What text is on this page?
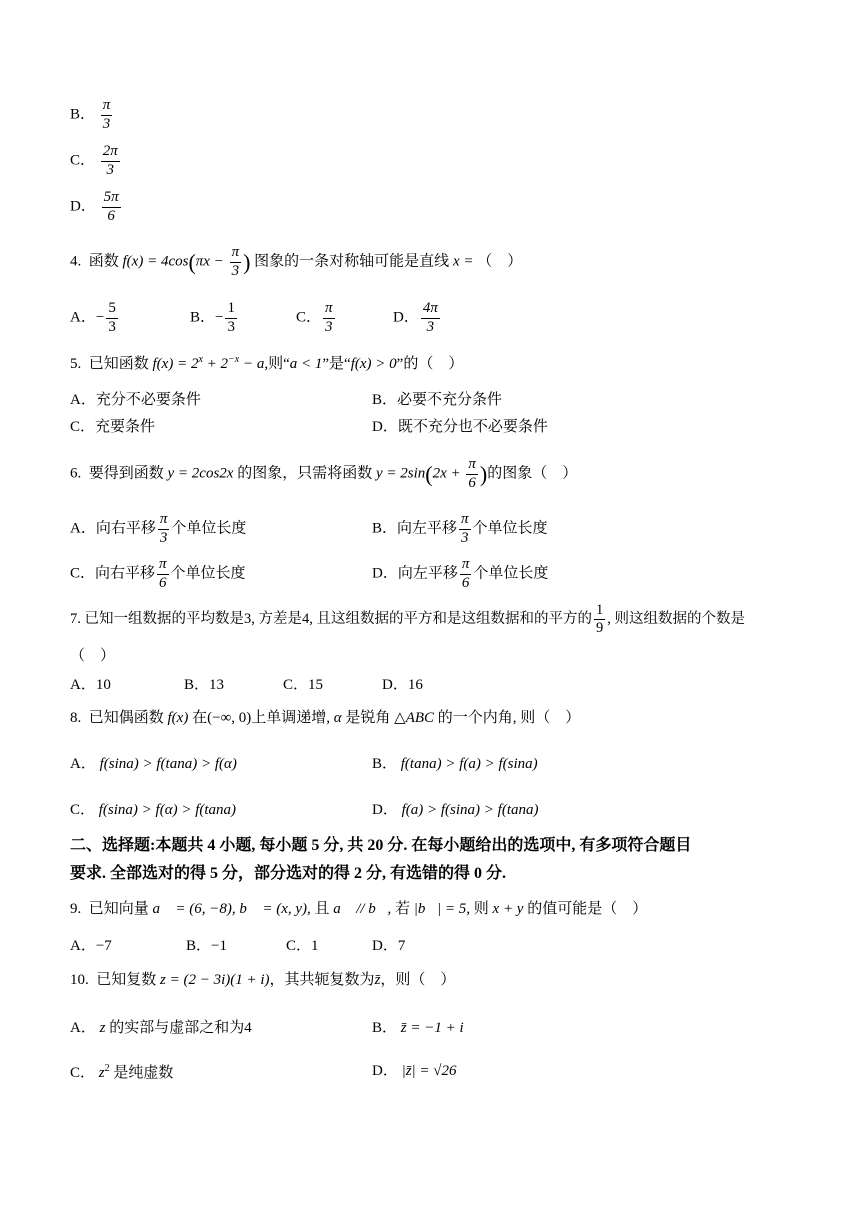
B． $\frac{\pi}{3}$
C． $\frac{2\pi}{3}$
D． $\frac{5\pi}{6}$
4. 函数 $f(x) = 4\cos(\pi x - \frac{\pi}{3}$ ) 图象的一条对称轴可能是直线 x = （　）
A．− $\frac{5}{3}$	B．− $\frac{1}{3}$	C． $\frac{\pi}{3}$	D． $\frac{4\pi}{3}$
5. 已知函数 $f(x) = 2^x + 2^{-x} - a$,则“a < 1”是“f(x) > 0”的（　）
A．充分不必要条件	B．必要不充分条件
C．充要条件	D．既不充分也不必要条件
6. 要得到函数 y = 2cos2x 的图象，只需将函数 $y = 2\sin(2x + \frac{\pi}{6}$ )的图象（　）
A．向右平移 $\frac{\pi}{3}$ 个单位长度	B．向左平移 $\frac{\pi}{3}$ 个单位长度
C．向右平移 $\frac{\pi}{6}$ 个单位长度	D．向左平移 $\frac{\pi}{6}$ 个单位长度
7. 已知一组数据的平均数是3, 方差是4, 且这组数据的平方和是这组数据和的平方的 $\frac{1}{9}$ , 则这组数据的个数是
（　）
A．10	B．13	C．15	D．16
8. 已知偶函数 f(x) 在(−∞, 0)上单调递增, α 是锐角 △ABC 的一个内角, 则（　）
A． f(sina) > f(tana) > f(α)	B． f(tana) > f(a) > f(sina)
C． f(sina) > f(α) > f(tana)	D． f(a) > f(sina) > f(tana)
二、选择题:本题共 4 小题, 每小题 5 分, 共 20 分. 在每小题给出的选项中, 有多项符合题目
要求. 全部选对的得 5 分，部分选对的得 2 分, 有选错的得 0 分.
9. 已知向量 a⃗ = (6, −8), b⃗ = (x, y), 且 a⃗ // b⃗, 若 |b⃗| = 5, 则 x + y 的值可能是（　）
A．−7	B．−1	C．1	D．7
10. 已知复数 z = (2 − 3i)(1 + i)，其共轭复数为z̄，则（　）
A． z 的实部与虚部之和为4	B． z̄ = −1 + i
C． $z^2$ 是纯虚数	D． |z̄| = √26
